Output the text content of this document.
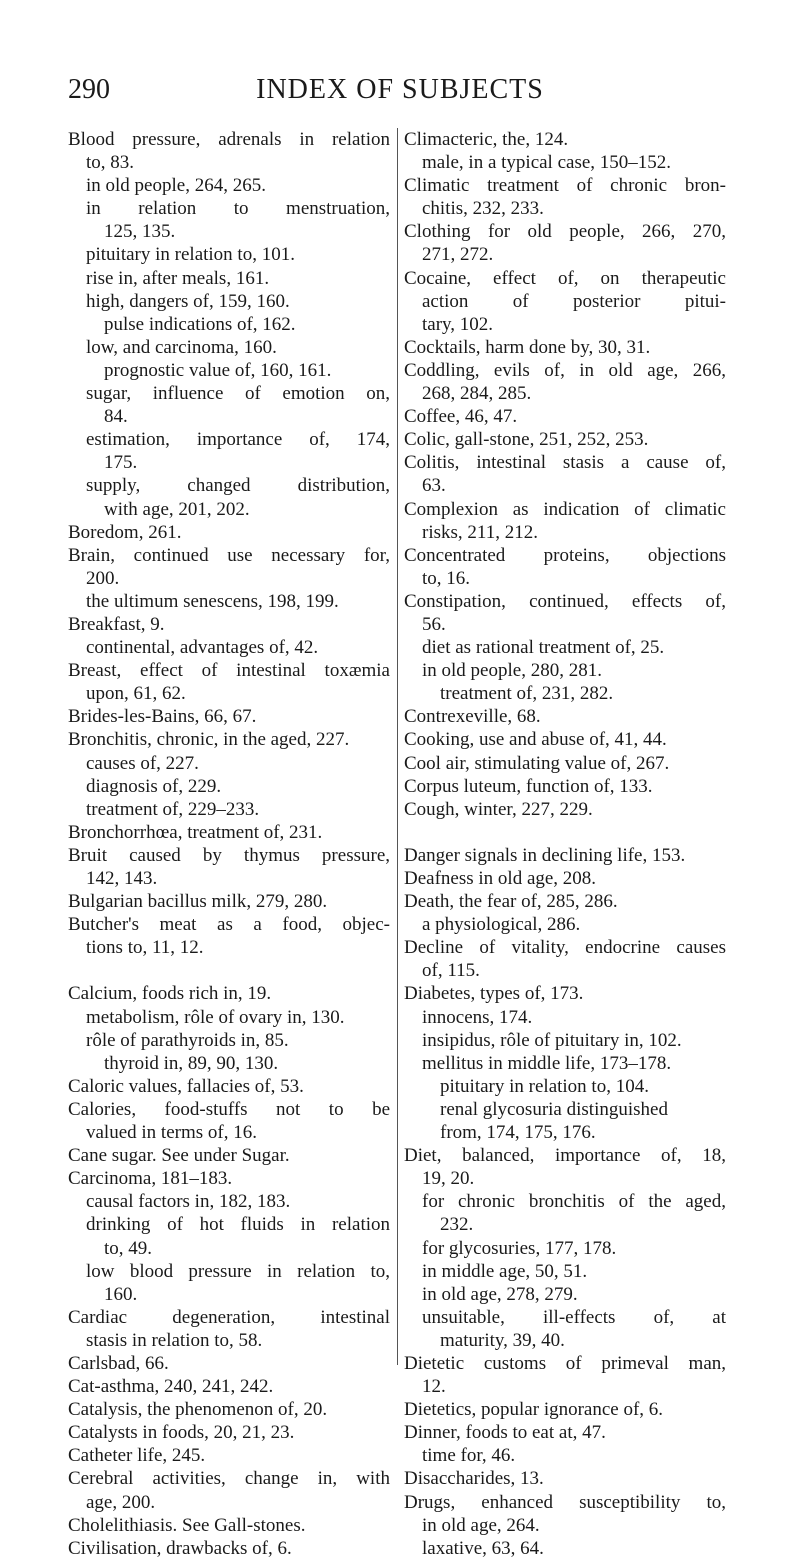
290	INDEX OF SUBJECTS
Blood pressure, adrenals in relation
to, 83.
in old people, 264, 265.
in relation to menstruation,
125, 135.
pituitary in relation to, 101.
rise in, after meals, 161.
high, dangers of, 159, 160.
pulse indications of, 162.
low, and carcinoma, 160.
prognostic value of, 160, 161.
sugar, influence of emotion on,
84.
estimation, importance of, 174,
175.
supply, changed distribution,
with age, 201, 202.
Boredom, 261.
Brain, continued use necessary for,
200.
the ultimum senescens, 198, 199.
Breakfast, 9.
continental, advantages of, 42.
Breast, effect of intestinal toxæmia
upon, 61, 62.
Brides-les-Bains, 66, 67.
Bronchitis, chronic, in the aged, 227.
causes of, 227.
diagnosis of, 229.
treatment of, 229–233.
Bronchorrhœa, treatment of, 231.
Bruit caused by thymus pressure,
142, 143.
Bulgarian bacillus milk, 279, 280.
Butcher's meat as a food, objec-
tions to, 11, 12.
Calcium, foods rich in, 19.
metabolism, rôle of ovary in, 130.
rôle of parathyroids in, 85.
thyroid in, 89, 90, 130.
Caloric values, fallacies of, 53.
Calories, food-stuffs not to be
valued in terms of, 16.
Cane sugar. See under Sugar.
Carcinoma, 181–183.
causal factors in, 182, 183.
drinking of hot fluids in relation
to, 49.
low blood pressure in relation to,
160.
Cardiac degeneration, intestinal
stasis in relation to, 58.
Carlsbad, 66.
Cat-asthma, 240, 241, 242.
Catalysis, the phenomenon of, 20.
Catalysts in foods, 20, 21, 23.
Catheter life, 245.
Cerebral activities, change in, with
age, 200.
Cholelithiasis. See Gall-stones.
Civilisation, drawbacks of, 6.
Climacteric, the, 124.
male, in a typical case, 150–152.
Climatic treatment of chronic bron-
chitis, 232, 233.
Clothing for old people, 266, 270,
271, 272.
Cocaine, effect of, on therapeutic
action of posterior pitui-
tary, 102.
Cocktails, harm done by, 30, 31.
Coddling, evils of, in old age, 266,
268, 284, 285.
Coffee, 46, 47.
Colic, gall-stone, 251, 252, 253.
Colitis, intestinal stasis a cause of,
63.
Complexion as indication of climatic
risks, 211, 212.
Concentrated proteins, objections
to, 16.
Constipation, continued, effects of,
56.
diet as rational treatment of, 25.
in old people, 280, 281.
treatment of, 231, 282.
Contrexeville, 68.
Cooking, use and abuse of, 41, 44.
Cool air, stimulating value of, 267.
Corpus luteum, function of, 133.
Cough, winter, 227, 229.
Danger signals in declining life, 153.
Deafness in old age, 208.
Death, the fear of, 285, 286.
a physiological, 286.
Decline of vitality, endocrine causes
of, 115.
Diabetes, types of, 173.
innocens, 174.
insipidus, rôle of pituitary in, 102.
mellitus in middle life, 173–178.
pituitary in relation to, 104.
renal glycosuria distinguished
from, 174, 175, 176.
Diet, balanced, importance of, 18,
19, 20.
for chronic bronchitis of the aged,
232.
for glycosuries, 177, 178.
in middle age, 50, 51.
in old age, 278, 279.
unsuitable, ill-effects of, at
maturity, 39, 40.
Dietetic customs of primeval man,
12.
Dietetics, popular ignorance of, 6.
Dinner, foods to eat at, 47.
time for, 46.
Disaccharides, 13.
Drugs, enhanced susceptibility to,
in old age, 264.
laxative, 63, 64.
